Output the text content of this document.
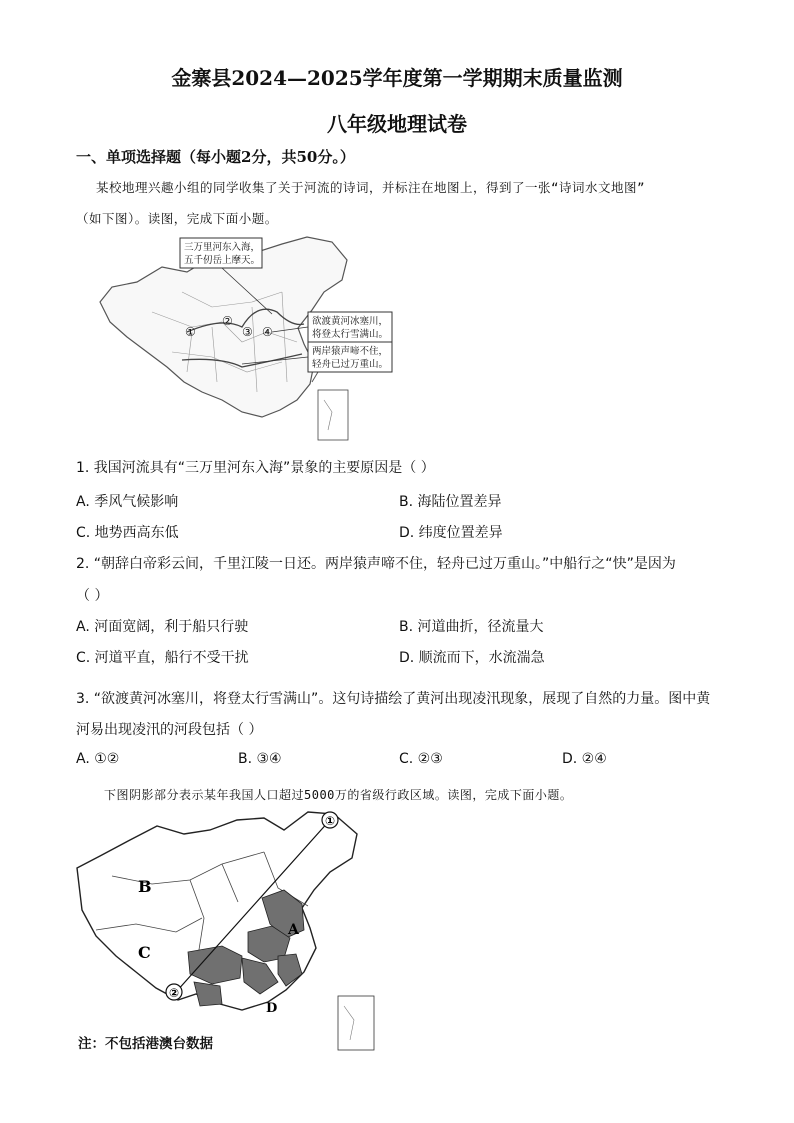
金寨县2024—2025学年度第一学期期末质量监测
八年级地理试卷
一、单项选择题（每小题2分，共50分。）
某校地理兴趣小组的同学收集了关于河流的诗词，并标注在地图上，得到了一张“诗词水文地图”
（如下图）。读图，完成下面小题。
三万里河东入海，
五千仞岳上摩天。
欲渡黄河冰塞川，
将登太行雪满山。
两岸猿声啼不住，
轻舟已过万重山。
①
②
③ ④
1. 我国河流具有“三万里河东入海”景象的主要原因是（ ）
A. 季风气候影响	B. 海陆位置差异
C. 地势西高东低	D. 纬度位置差异
2. “朝辞白帝彩云间，千里江陵一日还。两岸猿声啼不住，轻舟已过万重山。”中船行之“快”是因为
（ ）
A. 河面宽阔，利于船只行驶	B. 河道曲折，径流量大
C. 河道平直，船行不受干扰	D. 顺流而下，水流湍急
3. “欲渡黄河冰塞川，将登太行雪满山”。这句诗描绘了黄河出现凌汛现象，展现了自然的力量。图中黄
河易出现凌汛的河段包括（ ）
A. ①②	B. ③④	C. ②③	D. ②④
下图阴影部分表示某年我国人口超过5000万的省级行政区域。读图，完成下面小题。
①
②
A
B
C
D
注：不包括港澳台数据
